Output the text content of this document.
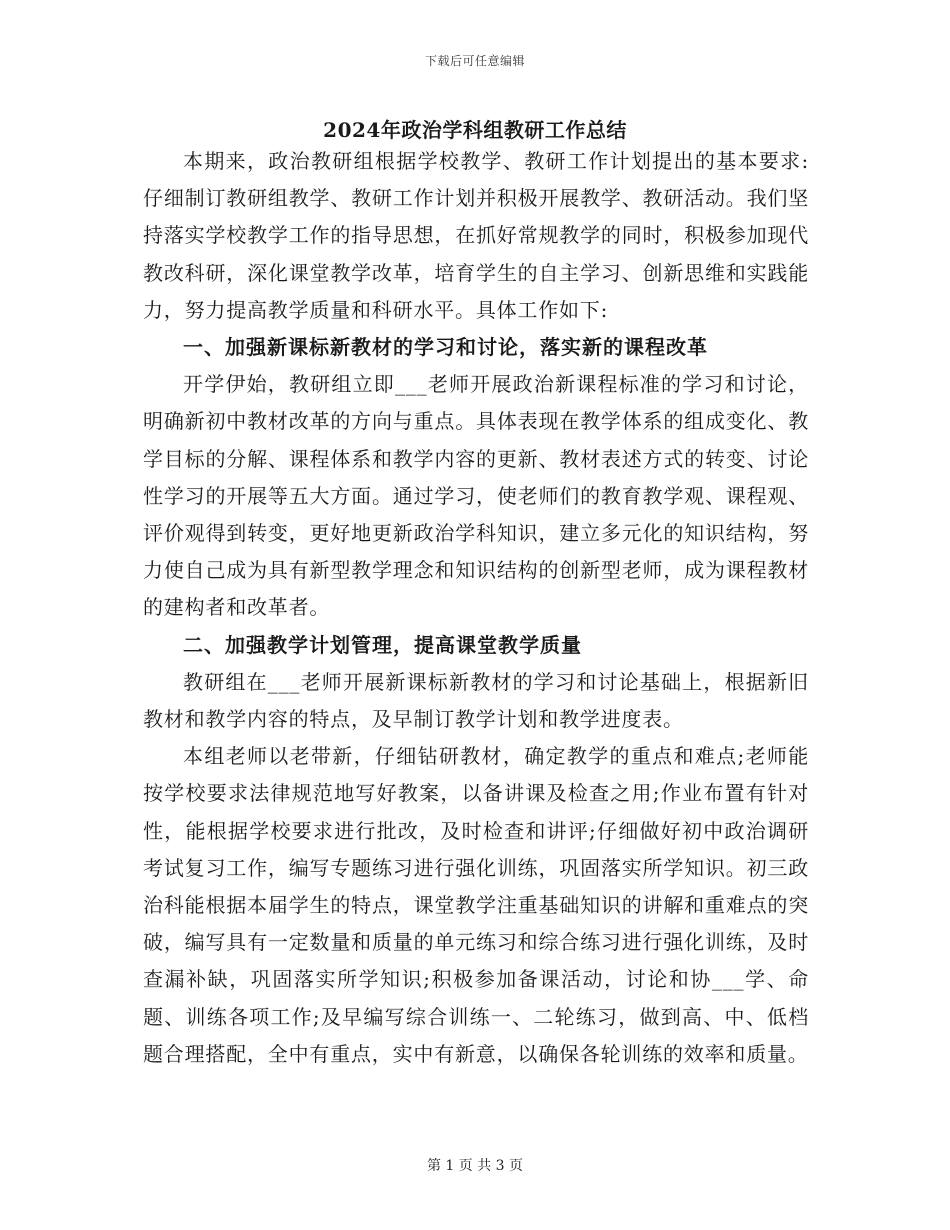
下载后可任意编辑
2024年政治学科组教研工作总结

本期来，政治教研组根据学校教学、教研工作计划提出的基本要求:仔细制订教研组教学、教研工作计划并积极开展教学、教研活动。我们坚持落实学校教学工作的指导思想，在抓好常规教学的同时，积极参加现代教改科研，深化课堂教学改革，培育学生的自主学习、创新思维和实践能力，努力提高教学质量和科研水平。具体工作如下:

一、加强新课标新教材的学习和讨论，落实新的课程改革

开学伊始，教研组立即___老师开展政治新课程标准的学习和讨论，明确新初中教材改革的方向与重点。具体表现在教学体系的组成变化、教学目标的分解、课程体系和教学内容的更新、教材表述方式的转变、讨论性学习的开展等五大方面。通过学习，使老师们的教育教学观、课程观、评价观得到转变，更好地更新政治学科知识，建立多元化的知识结构，努力使自己成为具有新型教学理念和知识结构的创新型老师，成为课程教材的建构者和改革者。

二、加强教学计划管理，提高课堂教学质量

教研组在___老师开展新课标新教材的学习和讨论基础上，根据新旧教材和教学内容的特点，及早制订教学计划和教学进度表。

本组老师以老带新，仔细钻研教材，确定教学的重点和难点;老师能按学校要求法律规范地写好教案，以备讲课及检查之用;作业布置有针对性，能根据学校要求进行批改，及时检查和讲评;仔细做好初中政治调研考试复习工作，编写专题练习进行强化训练，巩固落实所学知识。初三政治科能根据本届学生的特点，课堂教学注重基础知识的讲解和重难点的突破，编写具有一定数量和质量的单元练习和综合练习进行强化训练，及时查漏补缺，巩固落实所学知识;积极参加备课活动，讨论和协___学、命题、训练各项工作;及早编写综合训练一、二轮练习，做到高、中、低档题合理搭配，全中有重点，实中有新意，以确保各轮训练的效率和质量。

第 1 页 共 3 页
